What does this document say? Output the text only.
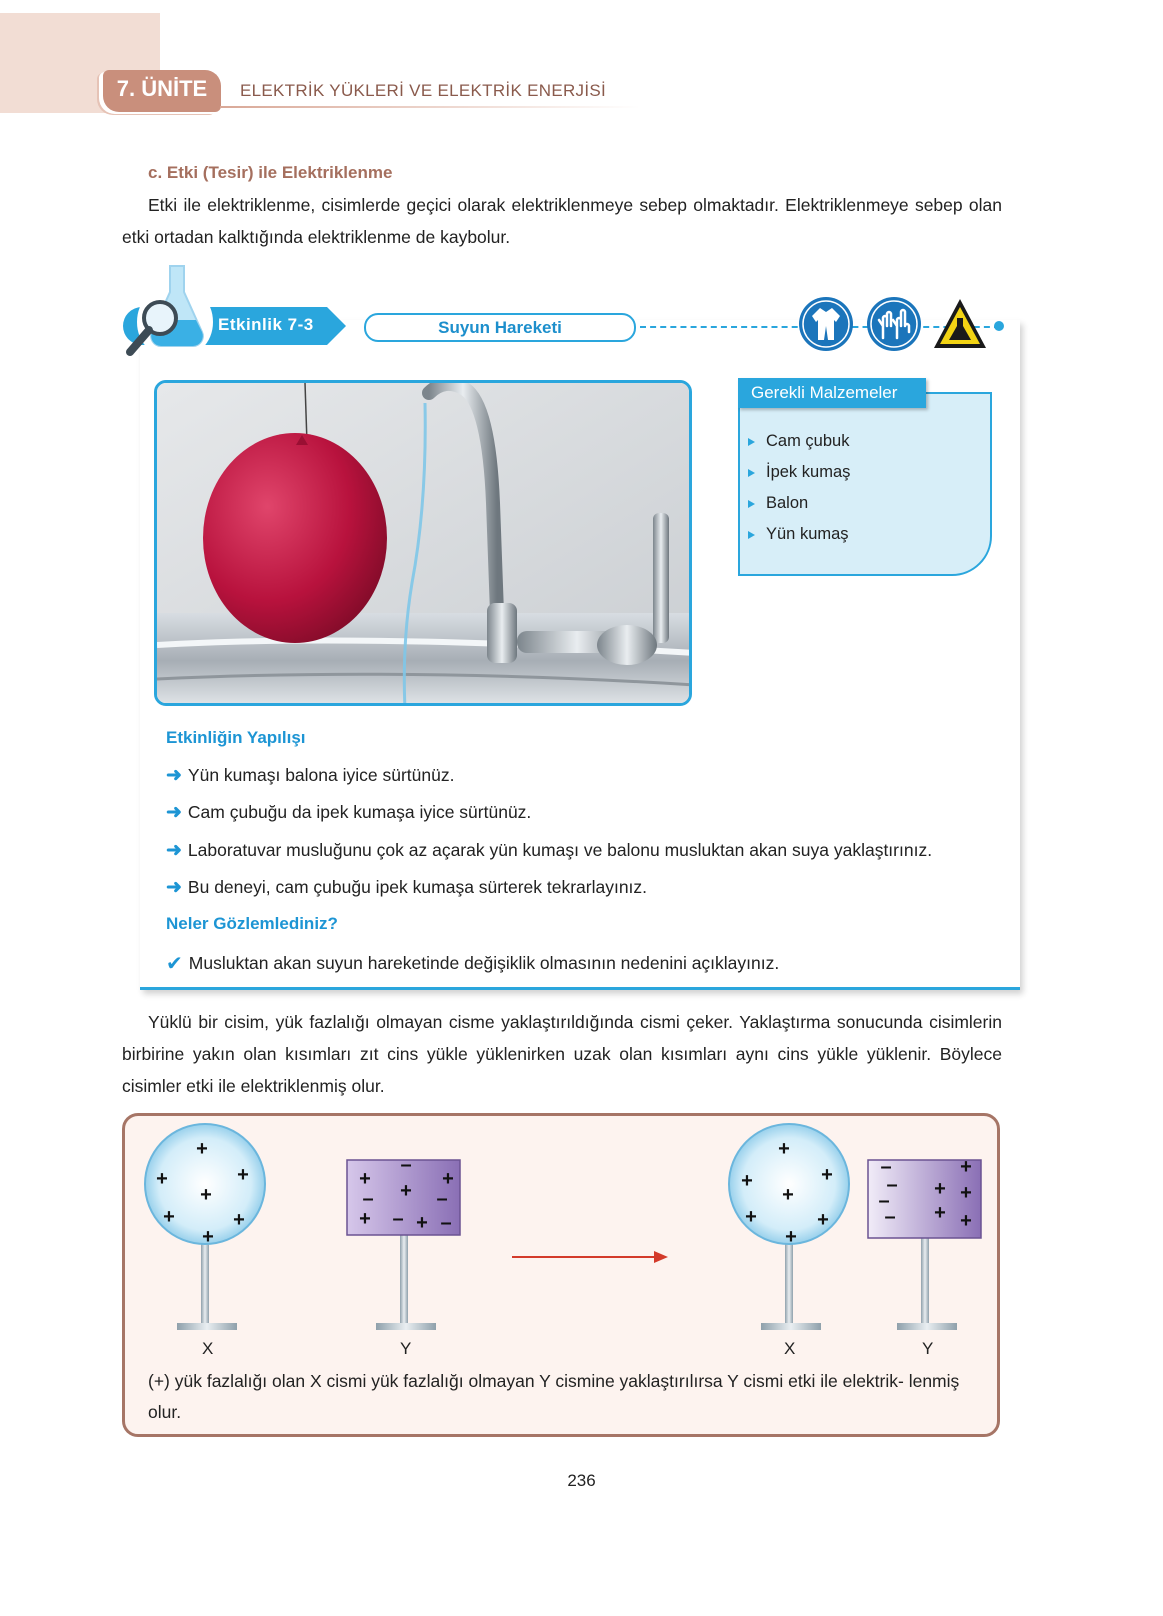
7. ÜNİTE	ELEKTRİK YÜKLERİ VE ELEKTRİK ENERJİSİ
c. Etki (Tesir) ile Elektriklenme

Etki ile elektriklenme, cisimlerde geçici olarak elektriklenmeye sebep olmaktadır. Elektriklenmeye sebep olan etki ortadan kalktığında elektriklenme de kaybolur.

Etkinlik 7-3	Suyun Hareketi
Gerekli Malzemeler
Cam çubuk
İpek kumaş
Balon
Yün kumaş
Etkinliğin Yapılışı
➜ Yün kumaşı balona iyice sürtünüz.
➜ Cam çubuğu da ipek kumaşa iyice sürtünüz.
➜ Laboratuvar musluğunu çok az açarak yün kumaşı ve balonu musluktan akan suya yaklaştırınız.
➜ Bu deneyi, cam çubuğu ipek kumaşa sürterek tekrarlayınız.
Neler Gözlemlediniz?
✔ Musluktan akan suyun hareketinde değişiklik olmasının nedenini açıklayınız.

Yüklü bir cisim, yük fazlalığı olmayan cisme yaklaştırıldığında cismi çeker. Yaklaştırma sonucunda cisimlerin birbirine yakın olan kısımları zıt cins yükle yüklenirken uzak olan kısımları aynı cins yükle yüklenir. Böylece cisimler etki ile elektriklenmiş olur.

+
+	+
+
+	+
+
+
–
+
– + –
+ – + –
+
+	+
+
+	+
+
–
–
–
–
+
+ +
+ +
X	Y	X	Y

(+) yük fazlalığı olan X cismi yük fazlalığı olmayan Y cismine yaklaştırılırsa Y cismi etki ile elektrik- lenmiş olur.

236
